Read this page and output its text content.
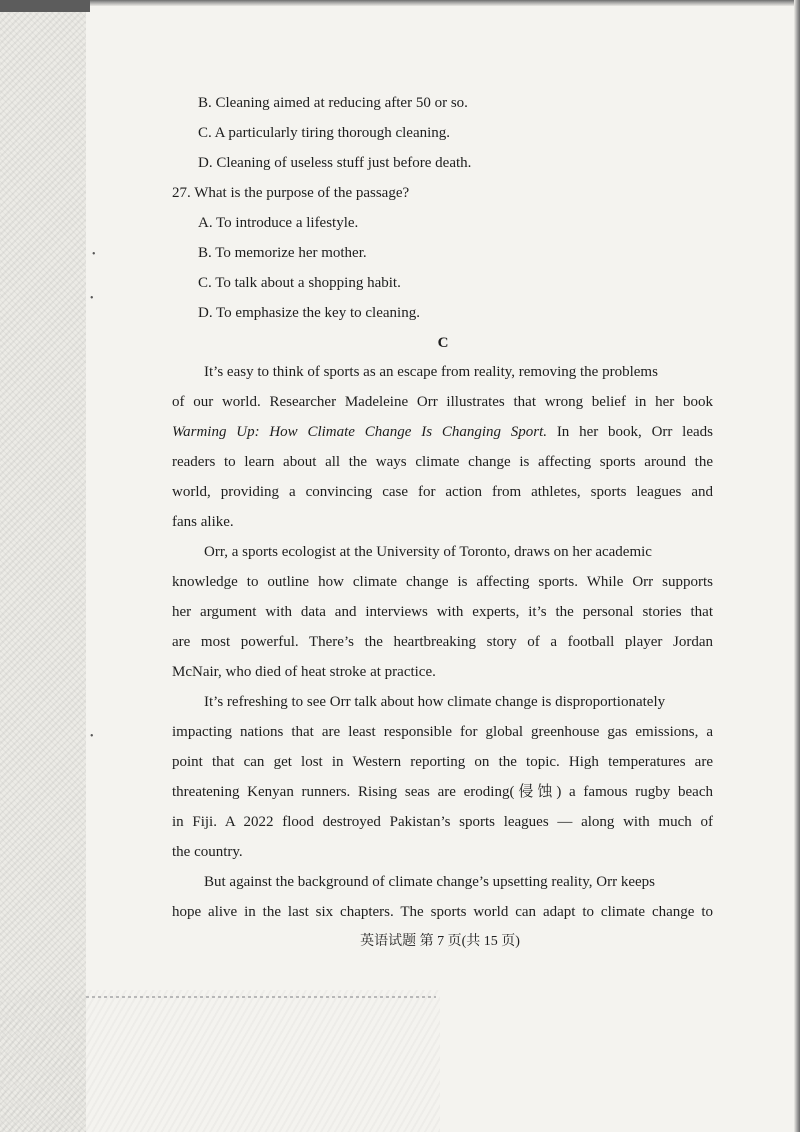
•
•
•
B. Cleaning aimed at reducing after 50 or so.
C. A particularly tiring thorough cleaning.
D. Cleaning of useless stuff just before death.
27. What is the purpose of the passage?
A. To introduce a lifestyle.
B. To memorize her mother.
C. To talk about a shopping habit.
D. To emphasize the key to cleaning.
C
It’s easy to think of sports as an escape from reality, removing the problems
of our world. Researcher Madeleine Orr illustrates that wrong belief in her book
Warming Up: How Climate Change Is Changing Sport. In her book, Orr leads
readers to learn about all the ways climate change is affecting sports around the
world, providing a convincing case for action from athletes, sports leagues and
fans alike.
Orr, a sports ecologist at the University of Toronto, draws on her academic
knowledge to outline how climate change is affecting sports. While Orr supports
her argument with data and interviews with experts, it’s the personal stories that
are most powerful. There’s the heartbreaking story of a football player Jordan
McNair, who died of heat stroke at practice.
It’s refreshing to see Orr talk about how climate change is disproportionately
impacting nations that are least responsible for global greenhouse gas emissions, a
point that can get lost in Western reporting on the topic. High temperatures are
threatening Kenyan runners. Rising seas are eroding(侵蚀) a famous rugby beach
in Fiji. A 2022 flood destroyed Pakistan’s sports leagues — along with much of
the country.
But against the background of climate change’s upsetting reality, Orr keeps
hope alive in the last six chapters. The sports world can adapt to climate change to
英语试题 第 7 页(共 15 页)
